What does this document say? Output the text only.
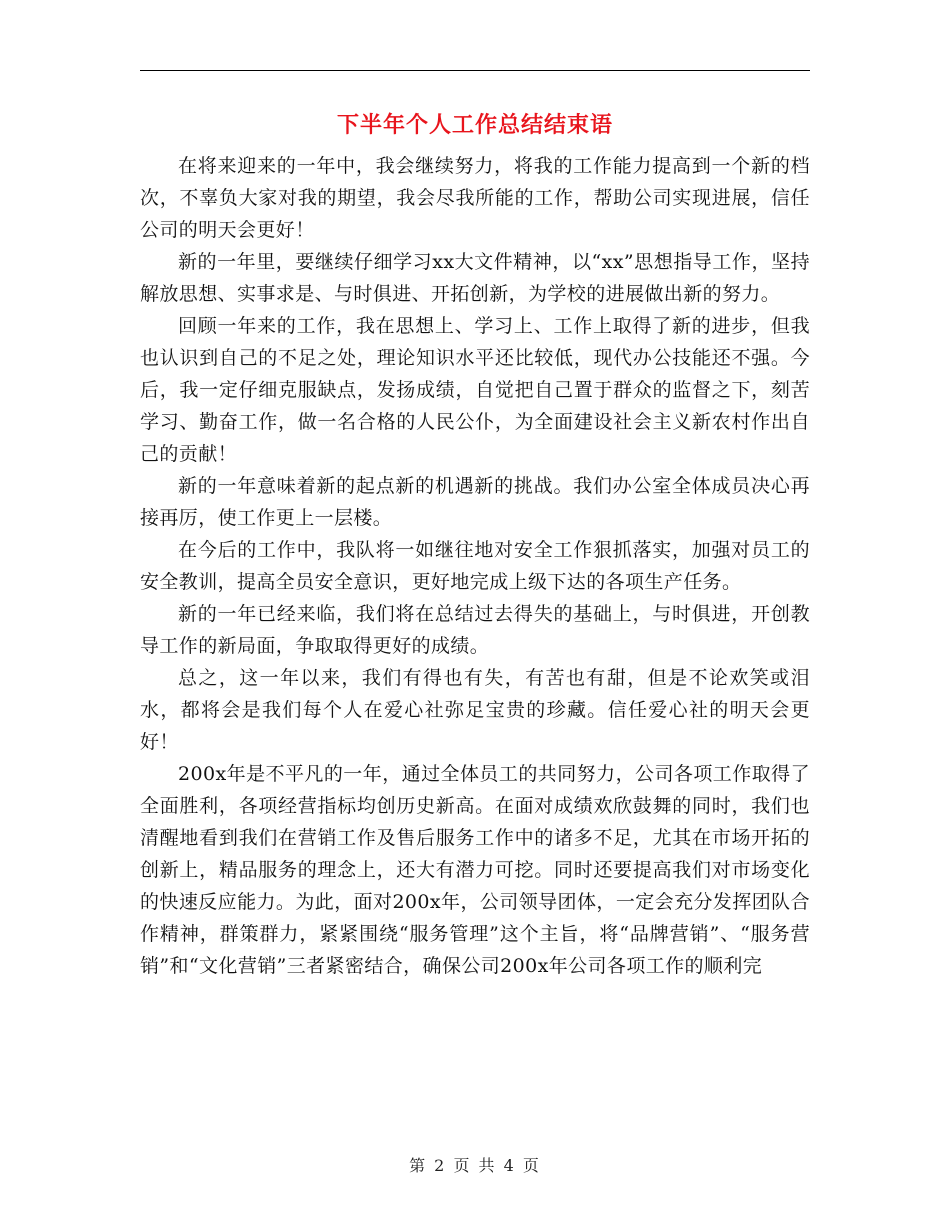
下半年个人工作总结结束语

在将来迎来的一年中，我会继续努力，将我的工作能力提高到一个新的档次，不辜负大家对我的期望，我会尽我所能的工作，帮助公司实现进展，信任公司的明天会更好！

新的一年里，要继续仔细学习xx大文件精神，以“xx”思想指导工作，坚持解放思想、实事求是、与时俱进、开拓创新，为学校的进展做出新的努力。

回顾一年来的工作，我在思想上、学习上、工作上取得了新的进步，但我也认识到自己的不足之处，理论知识水平还比较低，现代办公技能还不强。今后，我一定仔细克服缺点，发扬成绩，自觉把自己置于群众的监督之下，刻苦学习、勤奋工作，做一名合格的人民公仆，为全面建设社会主义新农村作出自己的贡献！

新的一年意味着新的起点新的机遇新的挑战。我们办公室全体成员决心再接再厉，使工作更上一层楼。

在今后的工作中，我队将一如继往地对安全工作狠抓落实，加强对员工的安全教训，提高全员安全意识，更好地完成上级下达的各项生产任务。

新的一年已经来临，我们将在总结过去得失的基础上，与时俱进，开创教导工作的新局面，争取取得更好的成绩。

总之，这一年以来，我们有得也有失，有苦也有甜，但是不论欢笑或泪水，都将会是我们每个人在爱心社弥足宝贵的珍藏。信任爱心社的明天会更好！

200x年是不平凡的一年，通过全体员工的共同努力，公司各项工作取得了全面胜利，各项经营指标均创历史新高。在面对成绩欢欣鼓舞的同时，我们也清醒地看到我们在营销工作及售后服务工作中的诸多不足，尤其在市场开拓的创新上，精品服务的理念上，还大有潜力可挖。同时还要提高我们对市场变化的快速反应能力。为此，面对200x年，公司领导团体，一定会充分发挥团队合作精神，群策群力，紧紧围绕“服务管理”这个主旨，将“品牌营销”、“服务营销”和“文化营销”三者紧密结合，确保公司200x年公司各项工作的顺利完

第 2 页 共 4 页
